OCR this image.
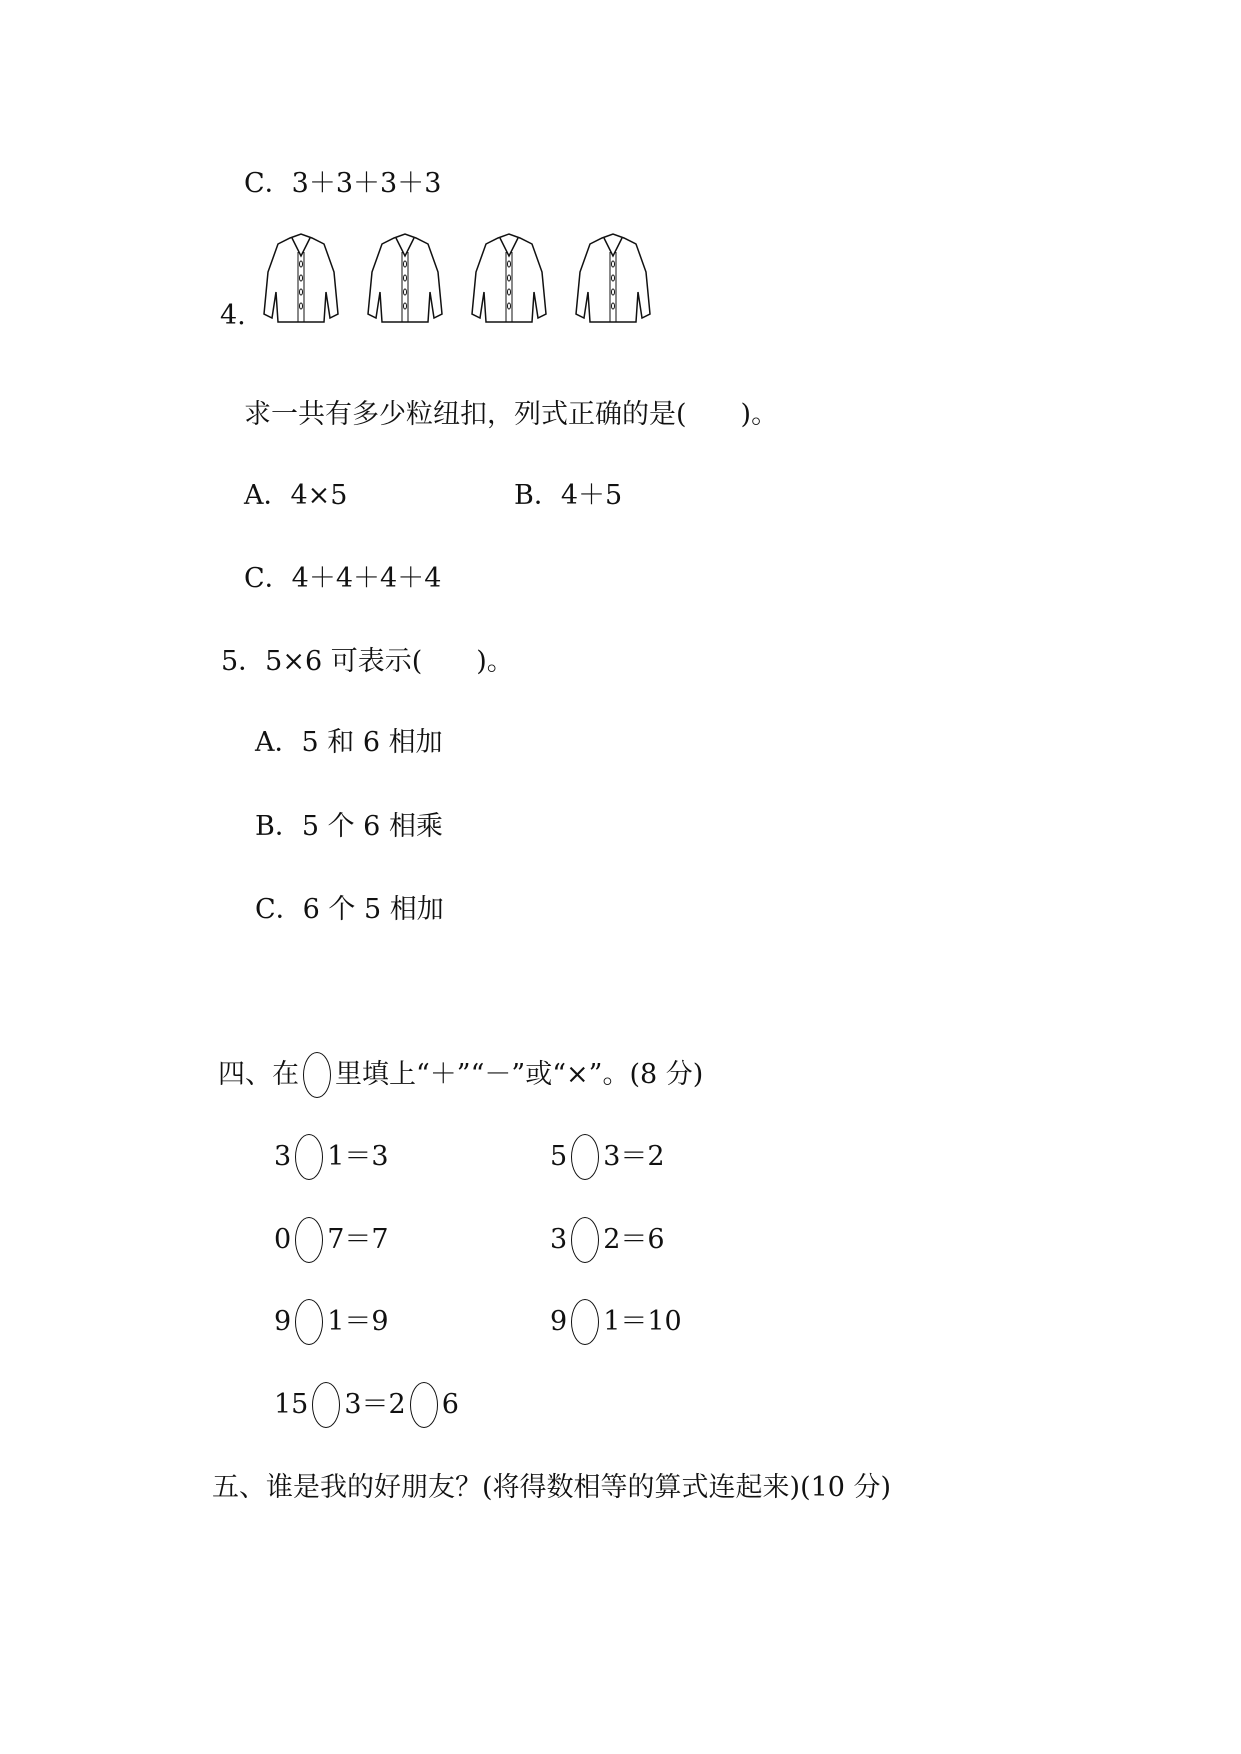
C．3＋3＋3＋3
4.
求一共有多少粒纽扣，列式正确的是(　　)。
A．4×5	B．4＋5
C．4＋4＋4＋4
5．5×6 可表示(　　)。
A．5 和 6 相加
B．5 个 6 相乘
C．6 个 5 相加
四、在 里填上“＋”“－”或“×”。(8 分)
3 1＝3	5 3＝2
0 7＝7	3 2＝6
9 1＝9	9 1＝10
15 3＝2 6
五、谁是我的好朋友？(将得数相等的算式连起来)(10 分)
